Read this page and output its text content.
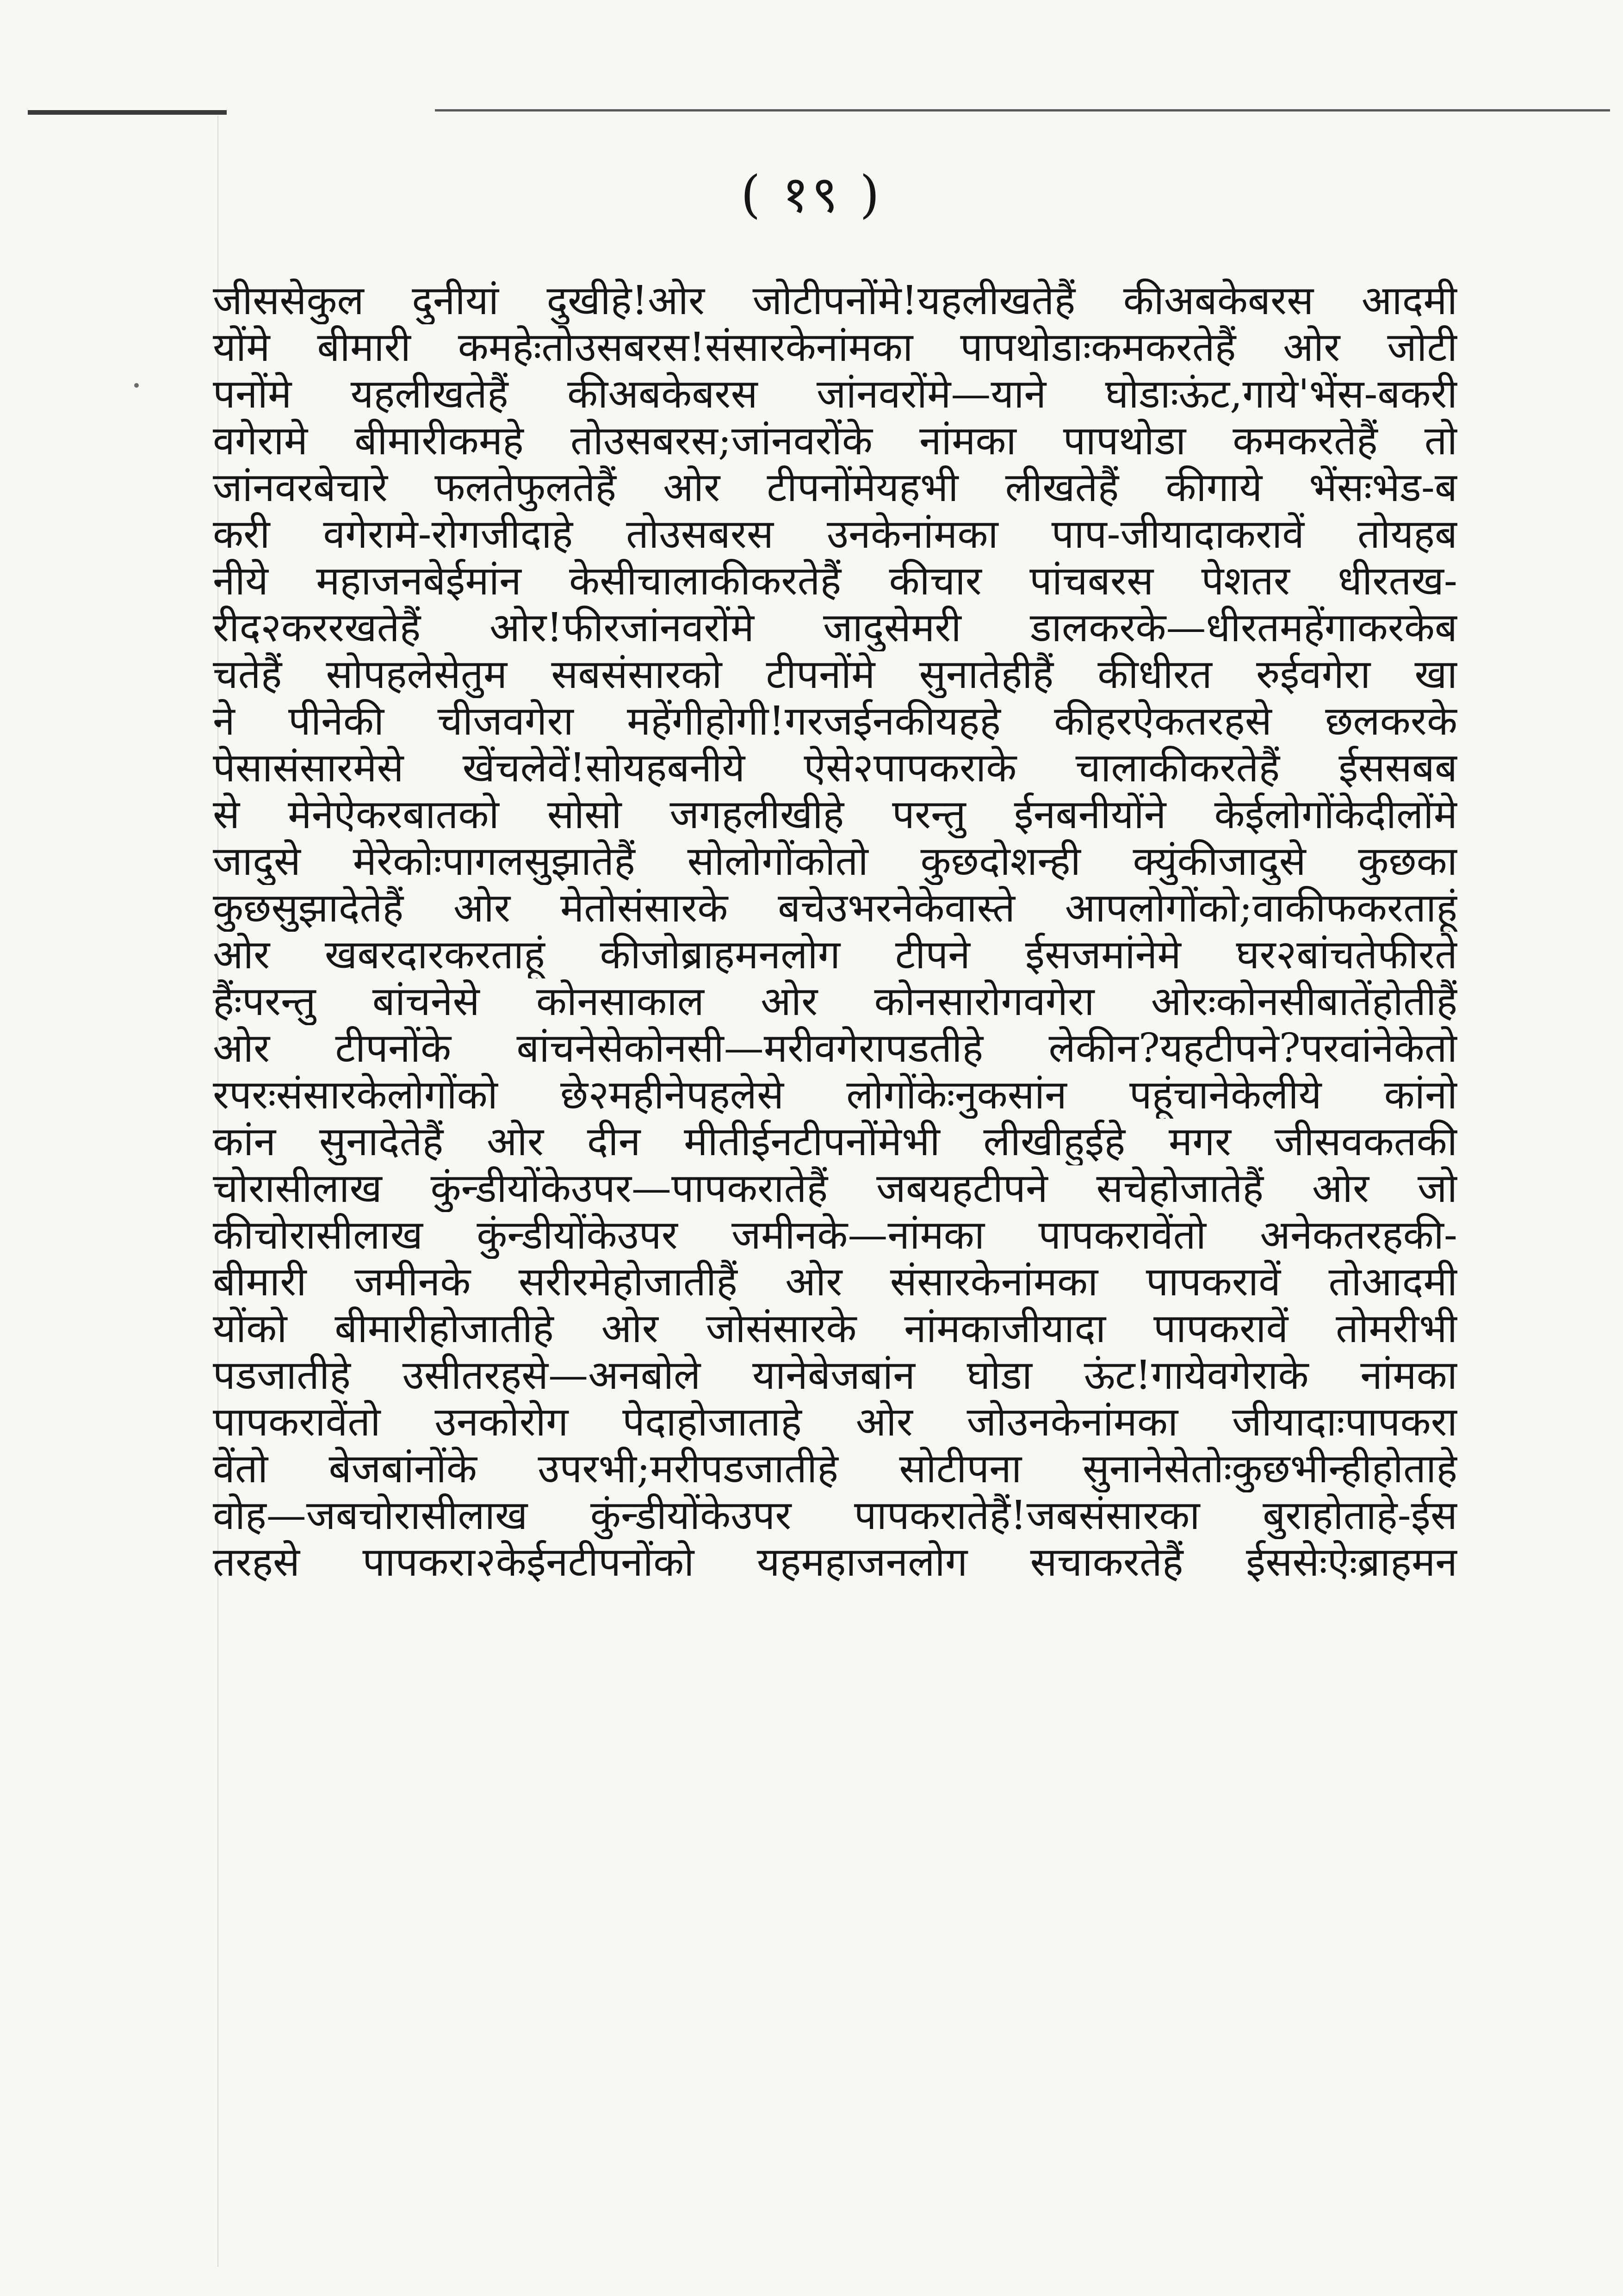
( १९ )
जीससेकुल दुनीयां दुखीहे!ओर जोटीपनोंमे!यहलीखतेहैं कीअबकेबरस आदमी
योंमे बीमारी कमहेःतोउसबरस!संसारकेनांमका पापथोडाःकमकरतेहैं ओर जोटी
पनोंमे यहलीखतेहैं कीअबकेबरस जांनवरोंमे—याने घोडाःऊंट,गाये'भेंस-बकरी
वगेरामे बीमारीकमहे तोउसबरस;जांनवरोंके नांमका पापथोडा कमकरतेहैं तो
जांनवरबेचारे फलतेफुलतेहैं ओर टीपनोंमेयहभी लीखतेहैं कीगाये भेंसःभेड-ब
करी वगेरामे-रोगजीदाहे तोउसबरस उनकेनांमका पाप-जीयादाकरावें तोयहब
नीये महाजनबेईमांन केसीचालाकीकरतेहैं कीचार पांचबरस पेशतर धीरतख-
रीद२कररखतेहैं ओर!फीरजांनवरोंमे जादुसेमरी डालकरके—धीरतमहेंगाकरकेब
चतेहैं सोपहलेसेतुम सबसंसारको टीपनोंमे सुनातेहीहैं कीधीरत रुईवगेरा खा
ने पीनेकी चीजवगेरा महेंगीहोगी!गरजईनकीयहहे कीहरऐकतरहसे छलकरके
पेसासंसारमेसे खेंचलेवें!सोयहबनीये ऐसे२पापकराके चालाकीकरतेहैं ईससबब
से मेनेऐकरबातको सोसो जगहलीखीहे परन्तु ईनबनीयोंने केईलोगोंकेदीलोंमे
जादुसे मेरेकोःपागलसुझातेहैं सोलोगोंकोतो कुछदोशन्ही क्युंकीजादुसे कुछका
कुछसुझादेतेहैं ओर मेतोसंसारके बचेउभरनेकेवास्ते आपलोगोंको;वाकीफकरताहूं
ओर खबरदारकरताहूं कीजोब्राहमनलोग टीपने ईसजमांनेमे घर२बांचतेफीरते
हैंःपरन्तु बांचनेसे कोनसाकाल ओर कोनसारोगवगेरा ओरःकोनसीबातेंहोतीहैं
ओर टीपनोंके बांचनेसेकोनसी—मरीवगेरापडतीहे लेकीन?यहटीपने?परवांनेकेतो
रपरःसंसारकेलोगोंको छे२महीनेपहलेसे लोगोंकेःनुकसांन पहूंचानेकेलीये कांनो
कांन सुनादेतेहैं ओर दीन मीतीईनटीपनोंमेभी लीखीहुईहे मगर जीसवकतकी
चोरासीलाख कुंन्डीयोंकेउपर—पापकरातेहैं जबयहटीपने सचेहोजातेहैं ओर जो
कीचोरासीलाख कुंन्डीयोंकेउपर जमीनके—नांमका पापकरावेंतो अनेकतरहकी-
बीमारी जमीनके सरीरमेहोजातीहैं ओर संसारकेनांमका पापकरावें तोआदमी
योंको बीमारीहोजातीहे ओर जोसंसारके नांमकाजीयादा पापकरावें तोमरीभी
पडजातीहे उसीतरहसे—अनबोले यानेबेजबांन घोडा ऊंट!गायेवगेराके नांमका
पापकरावेंतो उनकोरोग पेदाहोजाताहे ओर जोउनकेनांमका जीयादाःपापकरा
वेंतो बेजबांनोंके उपरभी;मरीपडजातीहे सोटीपना सुनानेसेतोःकुछभीन्हीहोताहे
वोह—जबचोरासीलाख कुंन्डीयोंकेउपर पापकरातेहैं!जबसंसारका बुराहोताहे-ईस
तरहसे पापकरा२केईनटीपनोंको यहमहाजनलोग सचाकरतेहैं ईससेःऐःब्राहमन
